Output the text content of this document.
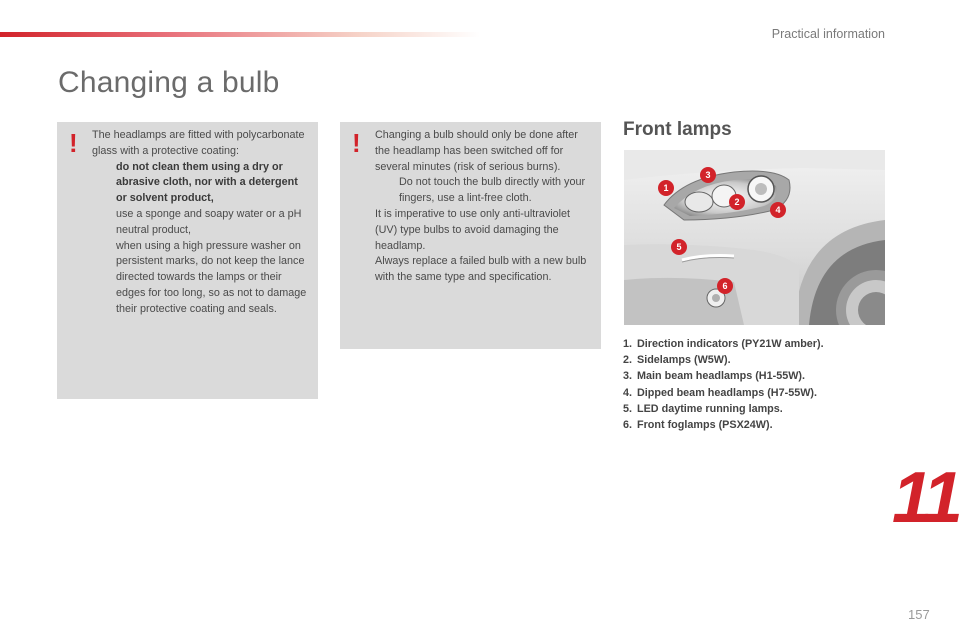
Practical information
Changing a bulb
! The headlamps are fitted with polycarbonate glass with a protective coating:

do not clean them using a dry or abrasive cloth, nor with a detergent or solvent product,
use a sponge and soapy water or a pH neutral product,
when using a high pressure washer on persistent marks, do not keep the lance directed towards the lamps or their edges for too long, so as not to damage their protective coating and seals.
! Changing a bulb should only be done after the headlamp has been switched off for several minutes (risk of serious burns).

Do not touch the bulb directly with your fingers, use a lint-free cloth.

It is imperative to use only anti-ultraviolet (UV) type bulbs to avoid damaging the headlamp.

Always replace a failed bulb with a new bulb with the same type and specification.

Front lamps
1
2
3
4
5
6
1. Direction indicators (PY21W amber).
2. Sidelamps (W5W).
3. Main beam headlamps (H1-55W).
4. Dipped beam headlamps (H7-55W).
5. LED daytime running lamps.
6. Front foglamps (PSX24W).
11
157
